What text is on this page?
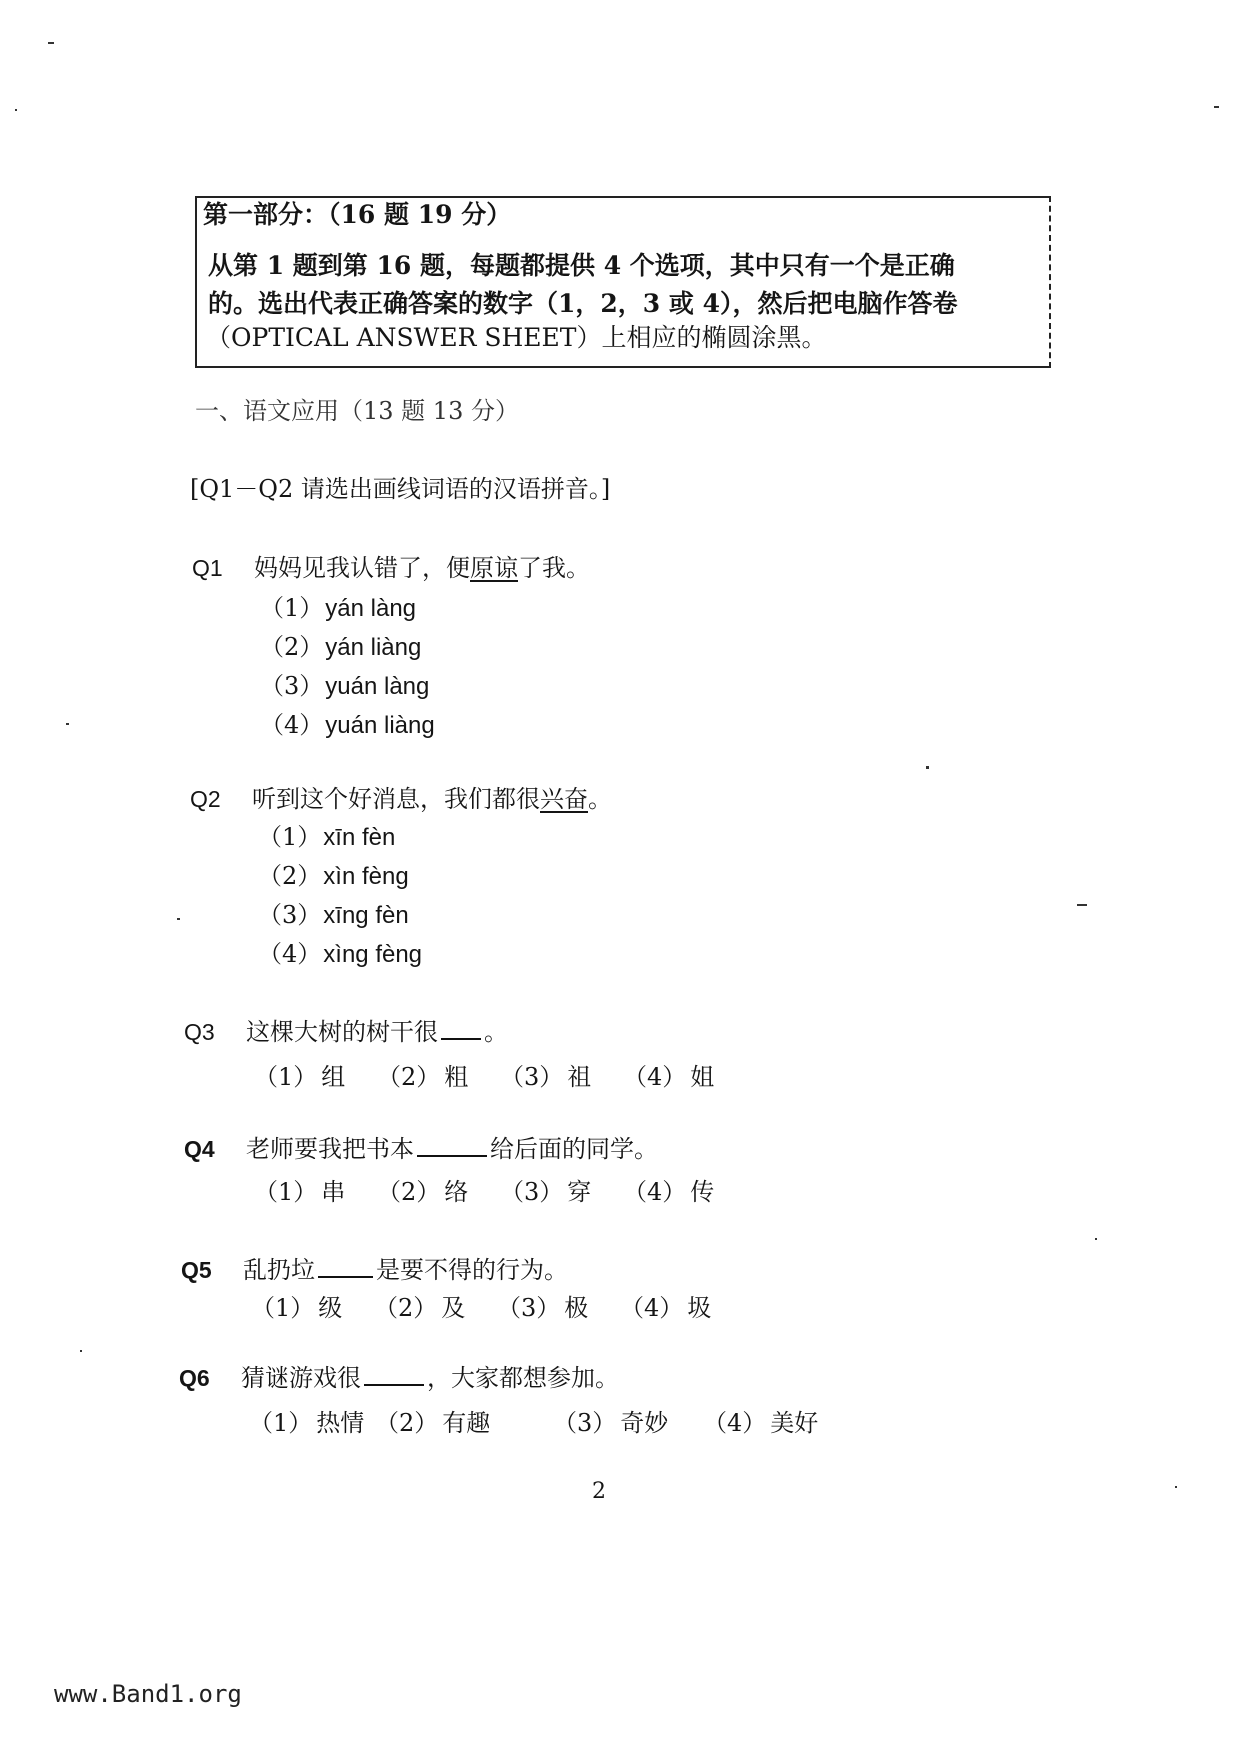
第一部分：（16 题 19 分）
从第 1 题到第 16 题，每题都提供 4 个选项，其中只有一个是正确
的。选出代表正确答案的数字（1，2，3 或 4），然后把电脑作答卷
（OPTICAL ANSWER SHEET）上相应的椭圆涂黑。
一、语文应用（13 题 13 分）
[Q1－Q2 请选出画线词语的汉语拼音。]
Q1 妈妈见我认错了，便原谅了我。
（1）yán làng
（2）yán liàng
（3）yuán làng
（4）yuán liàng
Q2 听到这个好消息，我们都很兴奋。
（1）xīn fèn
（2）xìn fèng
（3）xīng fèn
（4）xìng fèng
Q3 这棵大树的树干很 。
（1） 组 （2） 粗 （3） 祖 （4） 姐
Q4 老师要我把书本	给后面的同学。
（1） 串 （2） 络 （3） 穿 （4） 传
Q5 乱扔垃	是要不得的行为。
（1） 级 （2） 及 （3） 极 （4） 圾
Q6 猜谜游戏很	，大家都想参加。
（1） 热情 （2） 有趣	（3） 奇妙 （4） 美好
2
www.Band1.org
